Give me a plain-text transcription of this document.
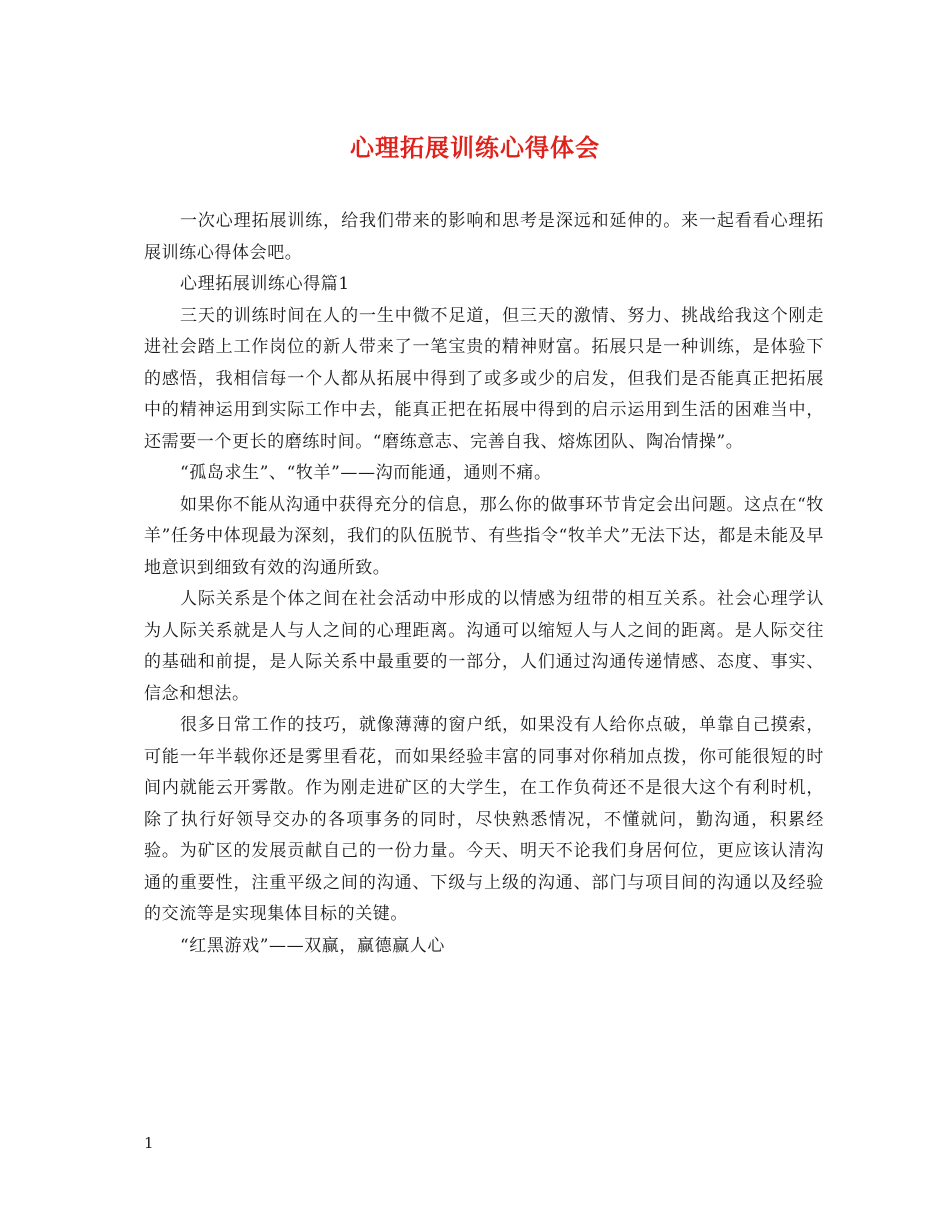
心理拓展训练心得体会

一次心理拓展训练，给我们带来的影响和思考是深远和延伸的。来一起看看心理拓展训练心得体会吧。

心理拓展训练心得篇1

三天的训练时间在人的一生中微不足道，但三天的激情、努力、挑战给我这个刚走进社会踏上工作岗位的新人带来了一笔宝贵的精神财富。拓展只是一种训练，是体验下的感悟，我相信每一个人都从拓展中得到了或多或少的启发，但我们是否能真正把拓展中的精神运用到实际工作中去，能真正把在拓展中得到的启示运用到生活的困难当中，还需要一个更长的磨练时间。“磨练意志、完善自我、熔炼团队、陶冶情操”。

“孤岛求生”、“牧羊”——沟而能通，通则不痛。

如果你不能从沟通中获得充分的信息，那么你的做事环节肯定会出问题。这点在“牧羊”任务中体现最为深刻，我们的队伍脱节、有些指令“牧羊犬”无法下达，都是未能及早地意识到细致有效的沟通所致。

人际关系是个体之间在社会活动中形成的以情感为纽带的相互关系。社会心理学认为人际关系就是人与人之间的心理距离。沟通可以缩短人与人之间的距离。是人际交往的基础和前提，是人际关系中最重要的一部分，人们通过沟通传递情感、态度、事实、信念和想法。

很多日常工作的技巧，就像薄薄的窗户纸，如果没有人给你点破，单靠自己摸索，可能一年半载你还是雾里看花，而如果经验丰富的同事对你稍加点拨，你可能很短的时间内就能云开雾散。作为刚走进矿区的大学生，在工作负荷还不是很大这个有利时机，除了执行好领导交办的各项事务的同时，尽快熟悉情况，不懂就问，勤沟通，积累经验。为矿区的发展贡献自己的一份力量。今天、明天不论我们身居何位，更应该认清沟通的重要性，注重平级之间的沟通、下级与上级的沟通、部门与项目间的沟通以及经验的交流等是实现集体目标的关键。

“红黑游戏”——双赢，赢德赢人心

1
